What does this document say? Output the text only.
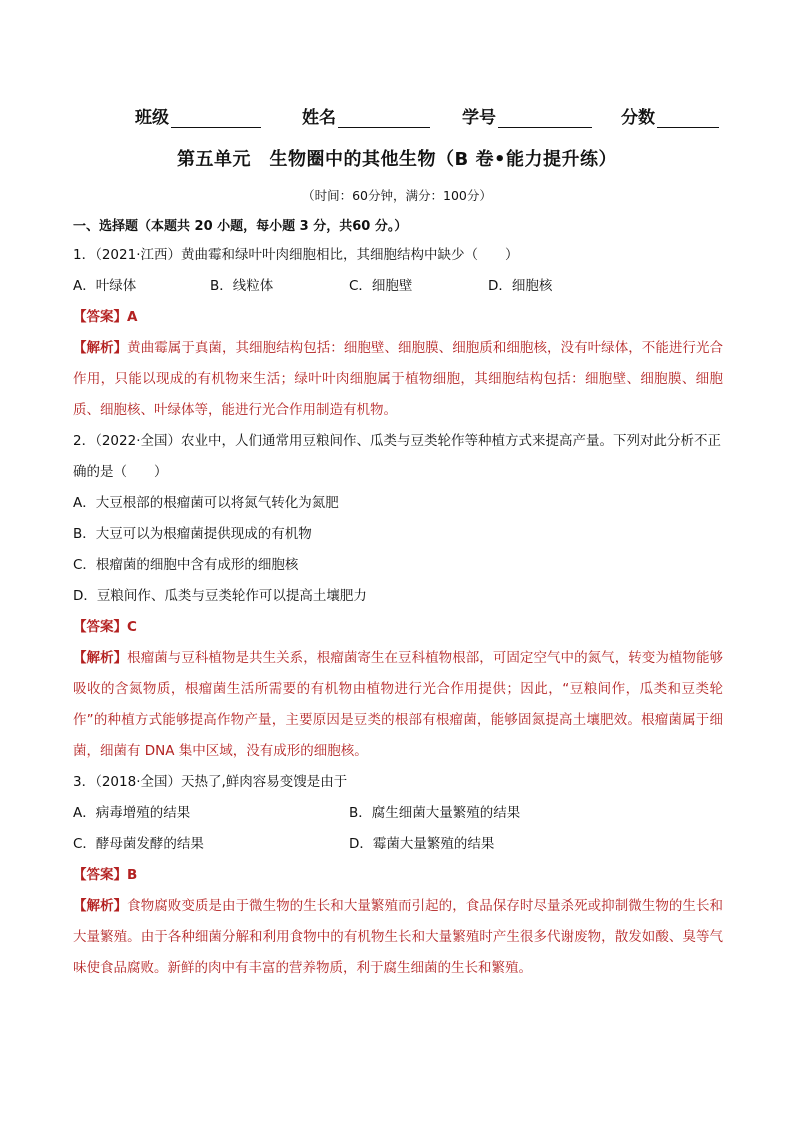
班级	姓名	学号	分数
第五单元　生物圈中的其他生物（B 卷•能力提升练）
（时间：60分钟，满分：100分）
一、选择题（本题共 20 小题，每小题 3 分，共60 分。）
1．（2021·江西）黄曲霉和绿叶叶肉细胞相比，其细胞结构中缺少（　　）
A．叶绿体	B．线粒体	C．细胞壁	D．细胞核
【答案】A
【解析】黄曲霉属于真菌，其细胞结构包括：细胞壁、细胞膜、细胞质和细胞核，没有叶绿体，不能进行光合作用，只能以现成的有机物来生活；绿叶叶肉细胞属于植物细胞，其细胞结构包括：细胞壁、细胞膜、细胞质、细胞核、叶绿体等，能进行光合作用制造有机物。
2．（2022·全国）农业中，人们通常用豆粮间作、瓜类与豆类轮作等种植方式来提高产量。下列对此分析不正确的是（　　）
A．大豆根部的根瘤菌可以将氮气转化为氮肥
B．大豆可以为根瘤菌提供现成的有机物
C．根瘤菌的细胞中含有成形的细胞核
D．豆粮间作、瓜类与豆类轮作可以提高土壤肥力
【答案】C
【解析】根瘤菌与豆科植物是共生关系，根瘤菌寄生在豆科植物根部，可固定空气中的氮气，转变为植物能够吸收的含氮物质，根瘤菌生活所需要的有机物由植物进行光合作用提供；因此，“豆粮间作，瓜类和豆类轮作”的种植方式能够提高作物产量，主要原因是豆类的根部有根瘤菌，能够固氮提高土壤肥效。根瘤菌属于细菌，细菌有 DNA 集中区域，没有成形的细胞核。
3．（2018·全国）天热了,鲜肉容易变馊是由于
A．病毒增殖的结果	B．腐生细菌大量繁殖的结果
C．酵母菌发酵的结果	D．霉菌大量繁殖的结果
【答案】B
【解析】食物腐败变质是由于微生物的生长和大量繁殖而引起的，食品保存时尽量杀死或抑制微生物的生长和大量繁殖。由于各种细菌分解和利用食物中的有机物生长和大量繁殖时产生很多代谢废物，散发如酸、臭等气味使食品腐败。新鲜的肉中有丰富的营养物质，利于腐生细菌的生长和繁殖。
